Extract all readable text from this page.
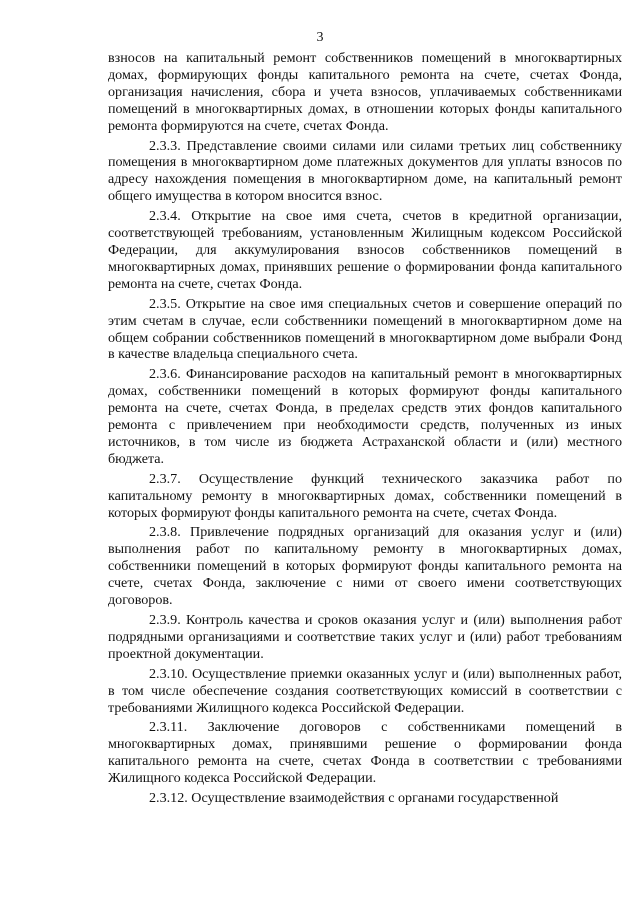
3

взносов на капитальный ремонт собственников помещений в многоквартирных домах, формирующих фонды капитального ремонта на счете, счетах Фонда, организация начисления, сбора и учета взносов, уплачиваемых собственниками помещений в многоквартирных домах, в отношении которых фонды капитального ремонта формируются на счете, счетах Фонда.

2.3.3. Представление своими силами или силами третьих лиц собственнику помещения в многоквартирном доме платежных документов для уплаты взносов по адресу нахождения помещения в многоквартирном доме, на капитальный ремонт общего имущества в котором вносится взнос.

2.3.4. Открытие на свое имя счета, счетов в кредитной организации, соответствующей требованиям, установленным Жилищным кодексом Российской Федерации, для аккумулирования взносов собственников помещений в многоквартирных домах, принявших решение о формировании фонда капитального ремонта на счете, счетах Фонда.

2.3.5. Открытие на свое имя специальных счетов и совершение операций по этим счетам в случае, если собственники помещений в многоквартирном доме на общем собрании собственников помещений в многоквартирном доме выбрали Фонд в качестве владельца специального счета.

2.3.6. Финансирование расходов на капитальный ремонт в многоквартирных домах, собственники помещений в которых формируют фонды капитального ремонта на счете, счетах Фонда, в пределах средств этих фондов капитального ремонта с привлечением при необходимости средств, полученных из иных источников, в том числе из бюджета Астраханской области и (или) местного бюджета.

2.3.7. Осуществление функций технического заказчика работ по капитальному ремонту в многоквартирных домах, собственники помещений в которых формируют фонды капитального ремонта на счете, счетах Фонда.

2.3.8. Привлечение подрядных организаций для оказания услуг и (или) выполнения работ по капитальному ремонту в многоквартирных домах, собственники помещений в которых формируют фонды капитального ремонта на счете, счетах Фонда, заключение с ними от своего имени соответствующих договоров.

2.3.9. Контроль качества и сроков оказания услуг и (или) выполнения работ подрядными организациями и соответствие таких услуг и (или) работ требованиям проектной документации.

2.3.10. Осуществление приемки оказанных услуг и (или) выполненных работ, в том числе обеспечение создания соответствующих комиссий в соответствии с требованиями Жилищного кодекса Российской Федерации.

2.3.11. Заключение договоров с собственниками помещений в многоквартирных домах, принявшими решение о формировании фонда капитального ремонта на счете, счетах Фонда в соответствии с требованиями Жилищного кодекса Российской Федерации.

2.3.12. Осуществление взаимодействия с органами государственной
